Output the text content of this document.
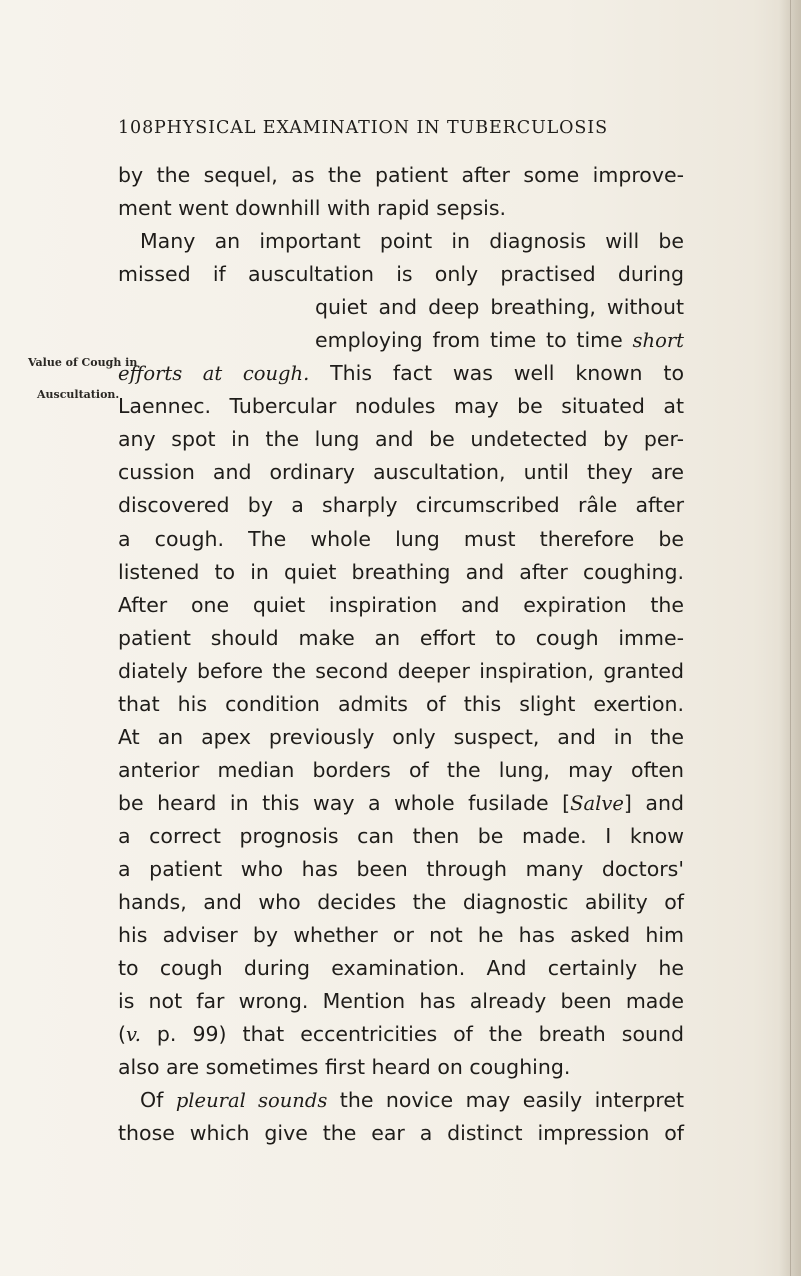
108PHYSICAL EXAMINATION IN TUBERCULOSIS
Value of Cough in
Auscultation.
by the sequel, as the patient after some improve-
ment went downhill with rapid sepsis.
Many an important point in diagnosis will be
missed if auscultation is only practised during
quiet and deep breathing, without
employing from time to time short
efforts at cough. This fact was well known to
Laennec. Tubercular nodules may be situated at
any spot in the lung and be undetected by per-
cussion and ordinary auscultation, until they are
discovered by a sharply circumscribed râle after
a cough. The whole lung must therefore be
listened to in quiet breathing and after coughing.
After one quiet inspiration and expiration the
patient should make an effort to cough imme-
diately before the second deeper inspiration, granted
that his condition admits of this slight exertion.
At an apex previously only suspect, and in the
anterior median borders of the lung, may often
be heard in this way a whole fusilade [Salve] and
a correct prognosis can then be made. I know
a patient who has been through many doctors'
hands, and who decides the diagnostic ability of
his adviser by whether or not he has asked him
to cough during examination. And certainly he
is not far wrong. Mention has already been made
(v. p. 99) that eccentricities of the breath sound
also are sometimes first heard on coughing.
Of pleural sounds the novice may easily interpret
those which give the ear a distinct impression of
